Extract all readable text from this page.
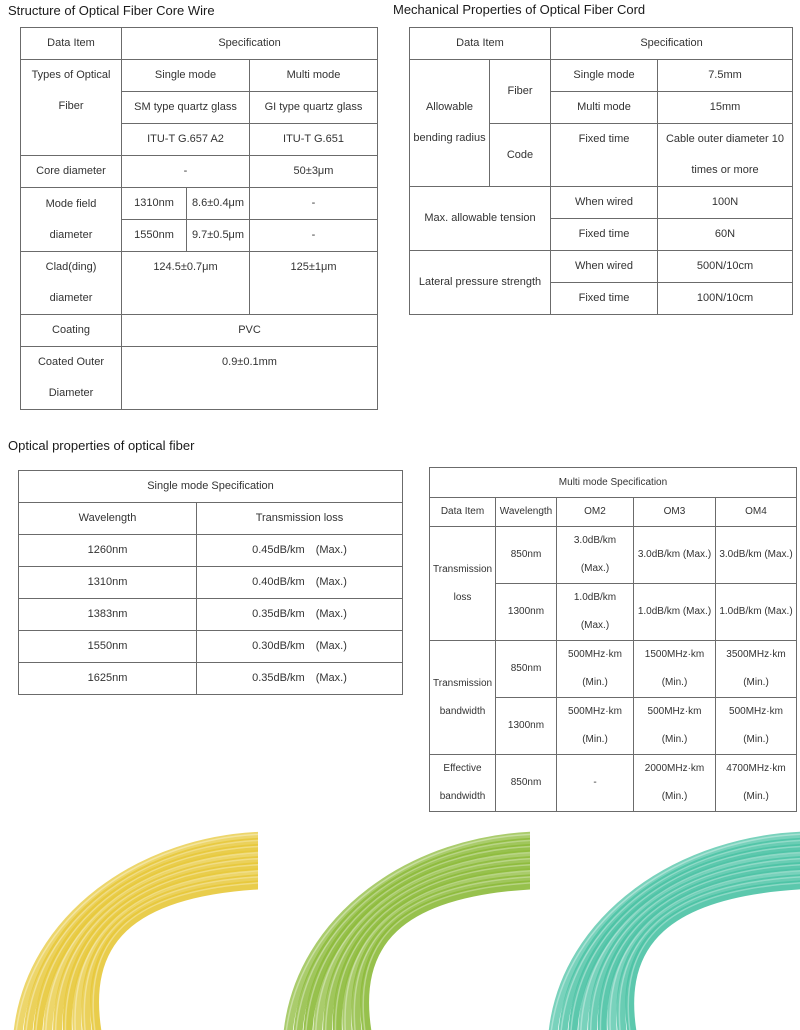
Structure of Optical Fiber Core Wire
Data Item	Specification		
Types of Optical Fiber	Single mode		Multi mode
	SM type quartz glass		GI type quartz glass
	ITU-T G.657 A2		ITU-T G.651
Core diameter	-		50±3μm
Mode field diameter	1310nm	8.6±0.4μm	-
	1550nm	9.7±0.5μm	-
Clad(ding) diameter	124.5±0.7μm		125±1μm
Coating	PVC		
Coated Outer Diameter	0.9±0.1mm		
Mechanical Properties of Optical Fiber Cord
Data Item		Specification	
Allowable bending radius	Fiber	Single mode	7.5mm
		Multi mode	15mm
	Code	Fixed time	Cable outer diameter 10 times or more

Max. allowable tension		When wired	100N
		Fixed time	60N
Lateral pressure strength		When wired	500N/10cm
		Fixed time	100N/10cm
Optical properties of optical fiber
Single mode Specification	
Wavelength	Transmission loss
1260nm	0.45dB/km　(Max.)
1310nm	0.40dB/km　(Max.)
1383nm	0.35dB/km　(Max.)
1550nm	0.30dB/km　(Max.)
1625nm	0.35dB/km　(Max.)
Multi mode Specification				
Data Item	Wavelength	OM2	OM3	OM4
Transmission loss	850nm	3.0dB/km (Max.)	3.0dB/km (Max.)	3.0dB/km (Max.)
	1300nm	1.0dB/km (Max.)	1.0dB/km (Max.)	1.0dB/km (Max.)
Transmission bandwidth	850nm	500MHz·km (Min.)	1500MHz·km (Min.)	3500MHz·km (Min.)
	1300nm	500MHz·km (Min.)	500MHz·km (Min.)	500MHz·km (Min.)
Effective bandwidth	850nm	-	2000MHz·km (Min.)	4700MHz·km (Min.)
